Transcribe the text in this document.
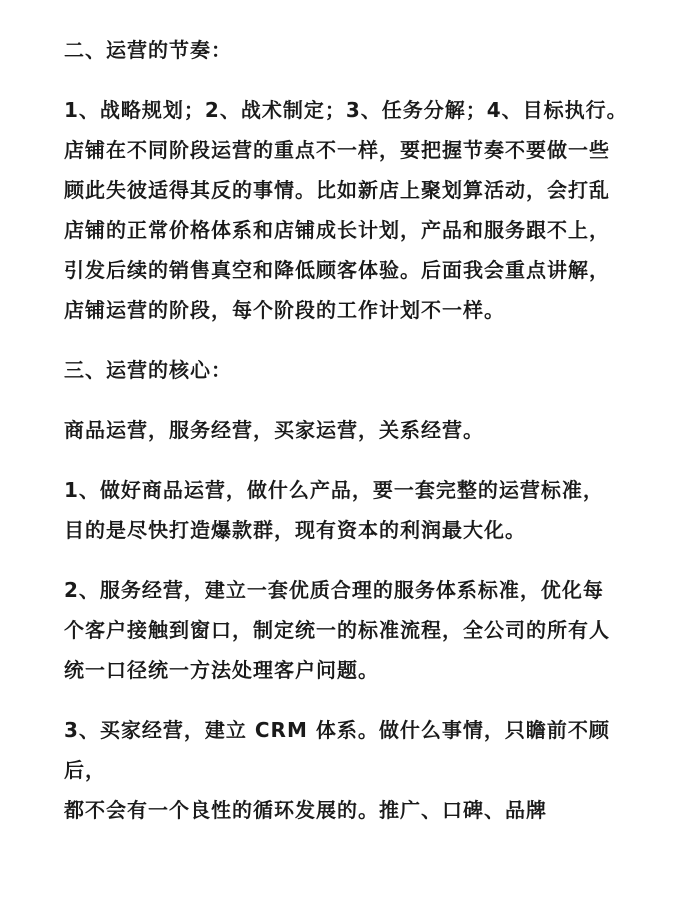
二、运营的节奏：

1、战略规划；2、战术制定；3、任务分解；4、目标执行。
店铺在不同阶段运营的重点不一样，要把握节奏不要做一些
顾此失彼适得其反的事情。比如新店上聚划算活动，会打乱
店铺的正常价格体系和店铺成长计划，产品和服务跟不上，
引发后续的销售真空和降低顾客体验。后面我会重点讲解，
店铺运营的阶段，每个阶段的工作计划不一样。

三、运营的核心：

商品运营，服务经营，买家运营，关系经营。

1、做好商品运营，做什么产品，要一套完整的运营标准，
目的是尽快打造爆款群，现有资本的利润最大化。

2、服务经营，建立一套优质合理的服务体系标准，优化每
个客户接触到窗口，制定统一的标准流程，全公司的所有人
统一口径统一方法处理客户问题。

3、买家经营，建立 CRM 体系。做什么事情，只瞻前不顾后，
都不会有一个良性的循环发展的。推广、口碑、品牌
